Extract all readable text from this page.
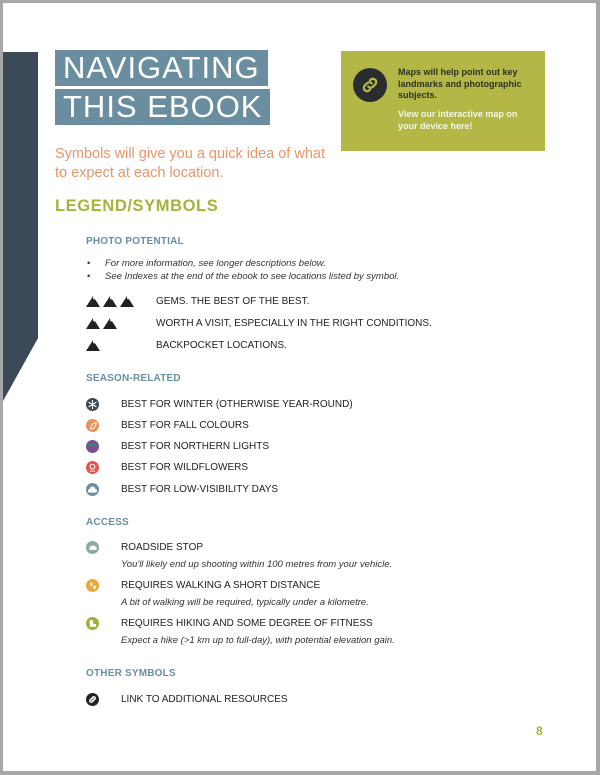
NAVIGATING
THIS EBOOK
Symbols will give you a quick idea of what to expect at each location.
Maps will help point out key landmarks and photographic subjects.
View our interactive map on your device here!
LEGEND/SYMBOLS
PHOTO POTENTIAL
• For more information, see longer descriptions below.
• See Indexes at the end of the ebook to see locations listed by symbol.
GEMS. THE BEST OF THE BEST.
WORTH A VISIT, ESPECIALLY IN THE RIGHT CONDITIONS.
BACKPOCKET LOCATIONS.
SEASON-RELATED
BEST FOR WINTER (OTHERWISE YEAR-ROUND)
BEST FOR FALL COLOURS
BEST FOR NORTHERN LIGHTS
BEST FOR WILDFLOWERS
BEST FOR LOW-VISIBILITY DAYS
ACCESS
ROADSIDE STOP
You'll likely end up shooting within 100 metres from your vehicle.
REQUIRES WALKING A SHORT DISTANCE
A bit of walking will be required, typically under a kilometre.
REQUIRES HIKING AND SOME DEGREE OF FITNESS
Expect a hike (>1 km up to full-day), with potential elevation gain.
OTHER SYMBOLS
LINK TO ADDITIONAL RESOURCES
8
